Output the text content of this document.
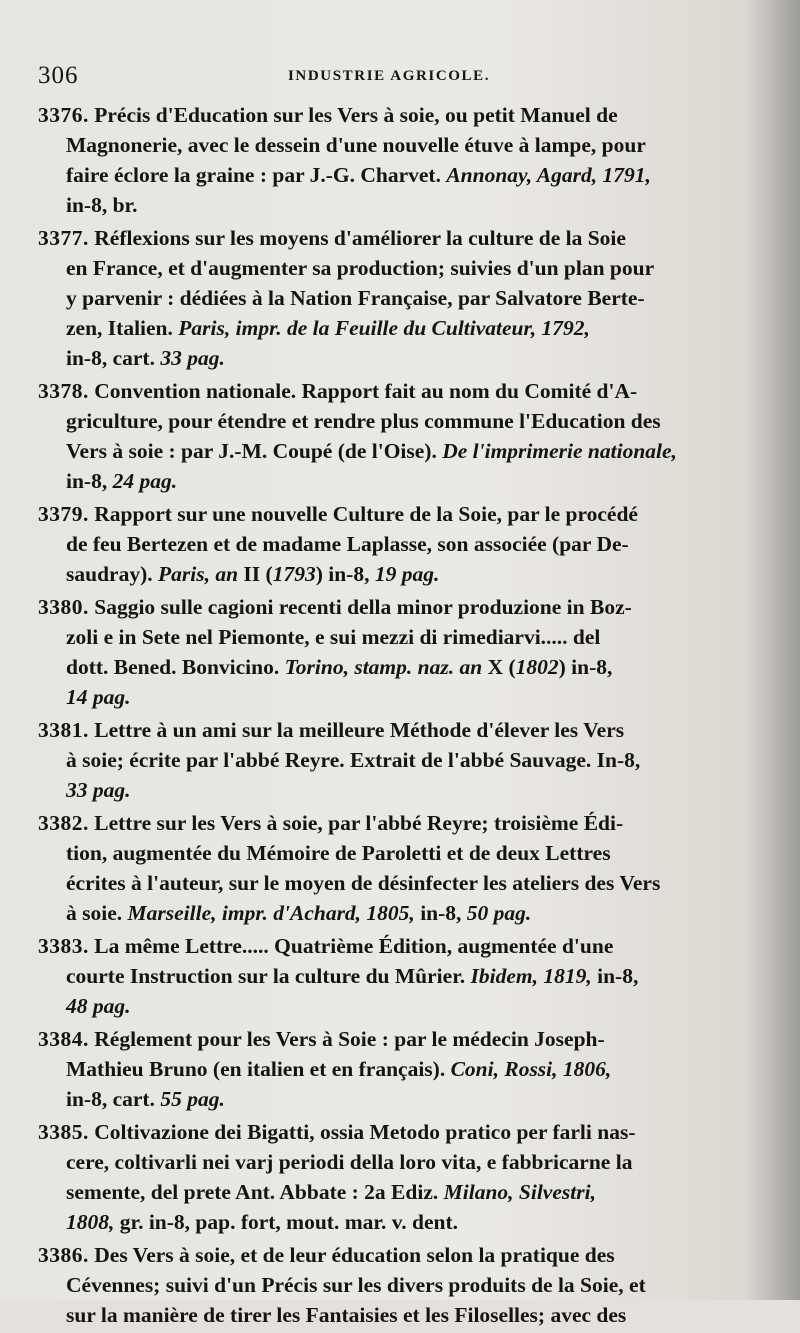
306	INDUSTRIE AGRICOLE.
3376. Précis d'Education sur les Vers à soie, ou petit Manuel de
Magnonerie, avec le dessein d'une nouvelle étuve à lampe, pour
faire éclore la graine : par J.-G. Charvet. Annonay, Agard, 1791,
in-8, br.
3377. Réflexions sur les moyens d'améliorer la culture de la Soie
en France, et d'augmenter sa production; suivies d'un plan pour
y parvenir : dédiées à la Nation Française, par Salvatore Berte-
zen, Italien. Paris, impr. de la Feuille du Cultivateur, 1792,
in-8, cart. 33 pag.
3378. Convention nationale. Rapport fait au nom du Comité d'A-
griculture, pour étendre et rendre plus commune l'Education des
Vers à soie : par J.-M. Coupé (de l'Oise). De l'imprimerie nationale,
in-8, 24 pag.
3379. Rapport sur une nouvelle Culture de la Soie, par le procédé
de feu Bertezen et de madame Laplasse, son associée (par De-
saudray). Paris, an II (1793) in-8, 19 pag.
3380. Saggio sulle cagioni recenti della minor produzione in Boz-
zoli e in Sete nel Piemonte, e sui mezzi di rimediarvi..... del
dott. Bened. Bonvicino. Torino, stamp. naz. an X (1802) in-8,
14 pag.
3381. Lettre à un ami sur la meilleure Méthode d'élever les Vers
à soie; écrite par l'abbé Reyre. Extrait de l'abbé Sauvage. In-8,
33 pag.
3382. Lettre sur les Vers à soie, par l'abbé Reyre; troisième Édi-
tion, augmentée du Mémoire de Paroletti et de deux Lettres
écrites à l'auteur, sur le moyen de désinfecter les ateliers des Vers
à soie. Marseille, impr. d'Achard, 1805, in-8, 50 pag.
3383. La même Lettre..... Quatrième Édition, augmentée d'une
courte Instruction sur la culture du Mûrier. Ibidem, 1819, in-8,
48 pag.
3384. Réglement pour les Vers à Soie : par le médecin Joseph-
Mathieu Bruno (en italien et en français). Coni, Rossi, 1806,
in-8, cart. 55 pag.
3385. Coltivazione dei Bigatti, ossia Metodo pratico per farli nas-
cere, coltivarli nei varj periodi della loro vita, e fabbricarne la
semente, del prete Ant. Abbate : 2a Ediz. Milano, Silvestri,
1808, gr. in-8, pap. fort, mout. mar. v. dent.
3386. Des Vers à soie, et de leur éducation selon la pratique des
Cévennes; suivi d'un Précis sur les divers produits de la Soie, et
sur la manière de tirer les Fantaisies et les Filoselles; avec des
